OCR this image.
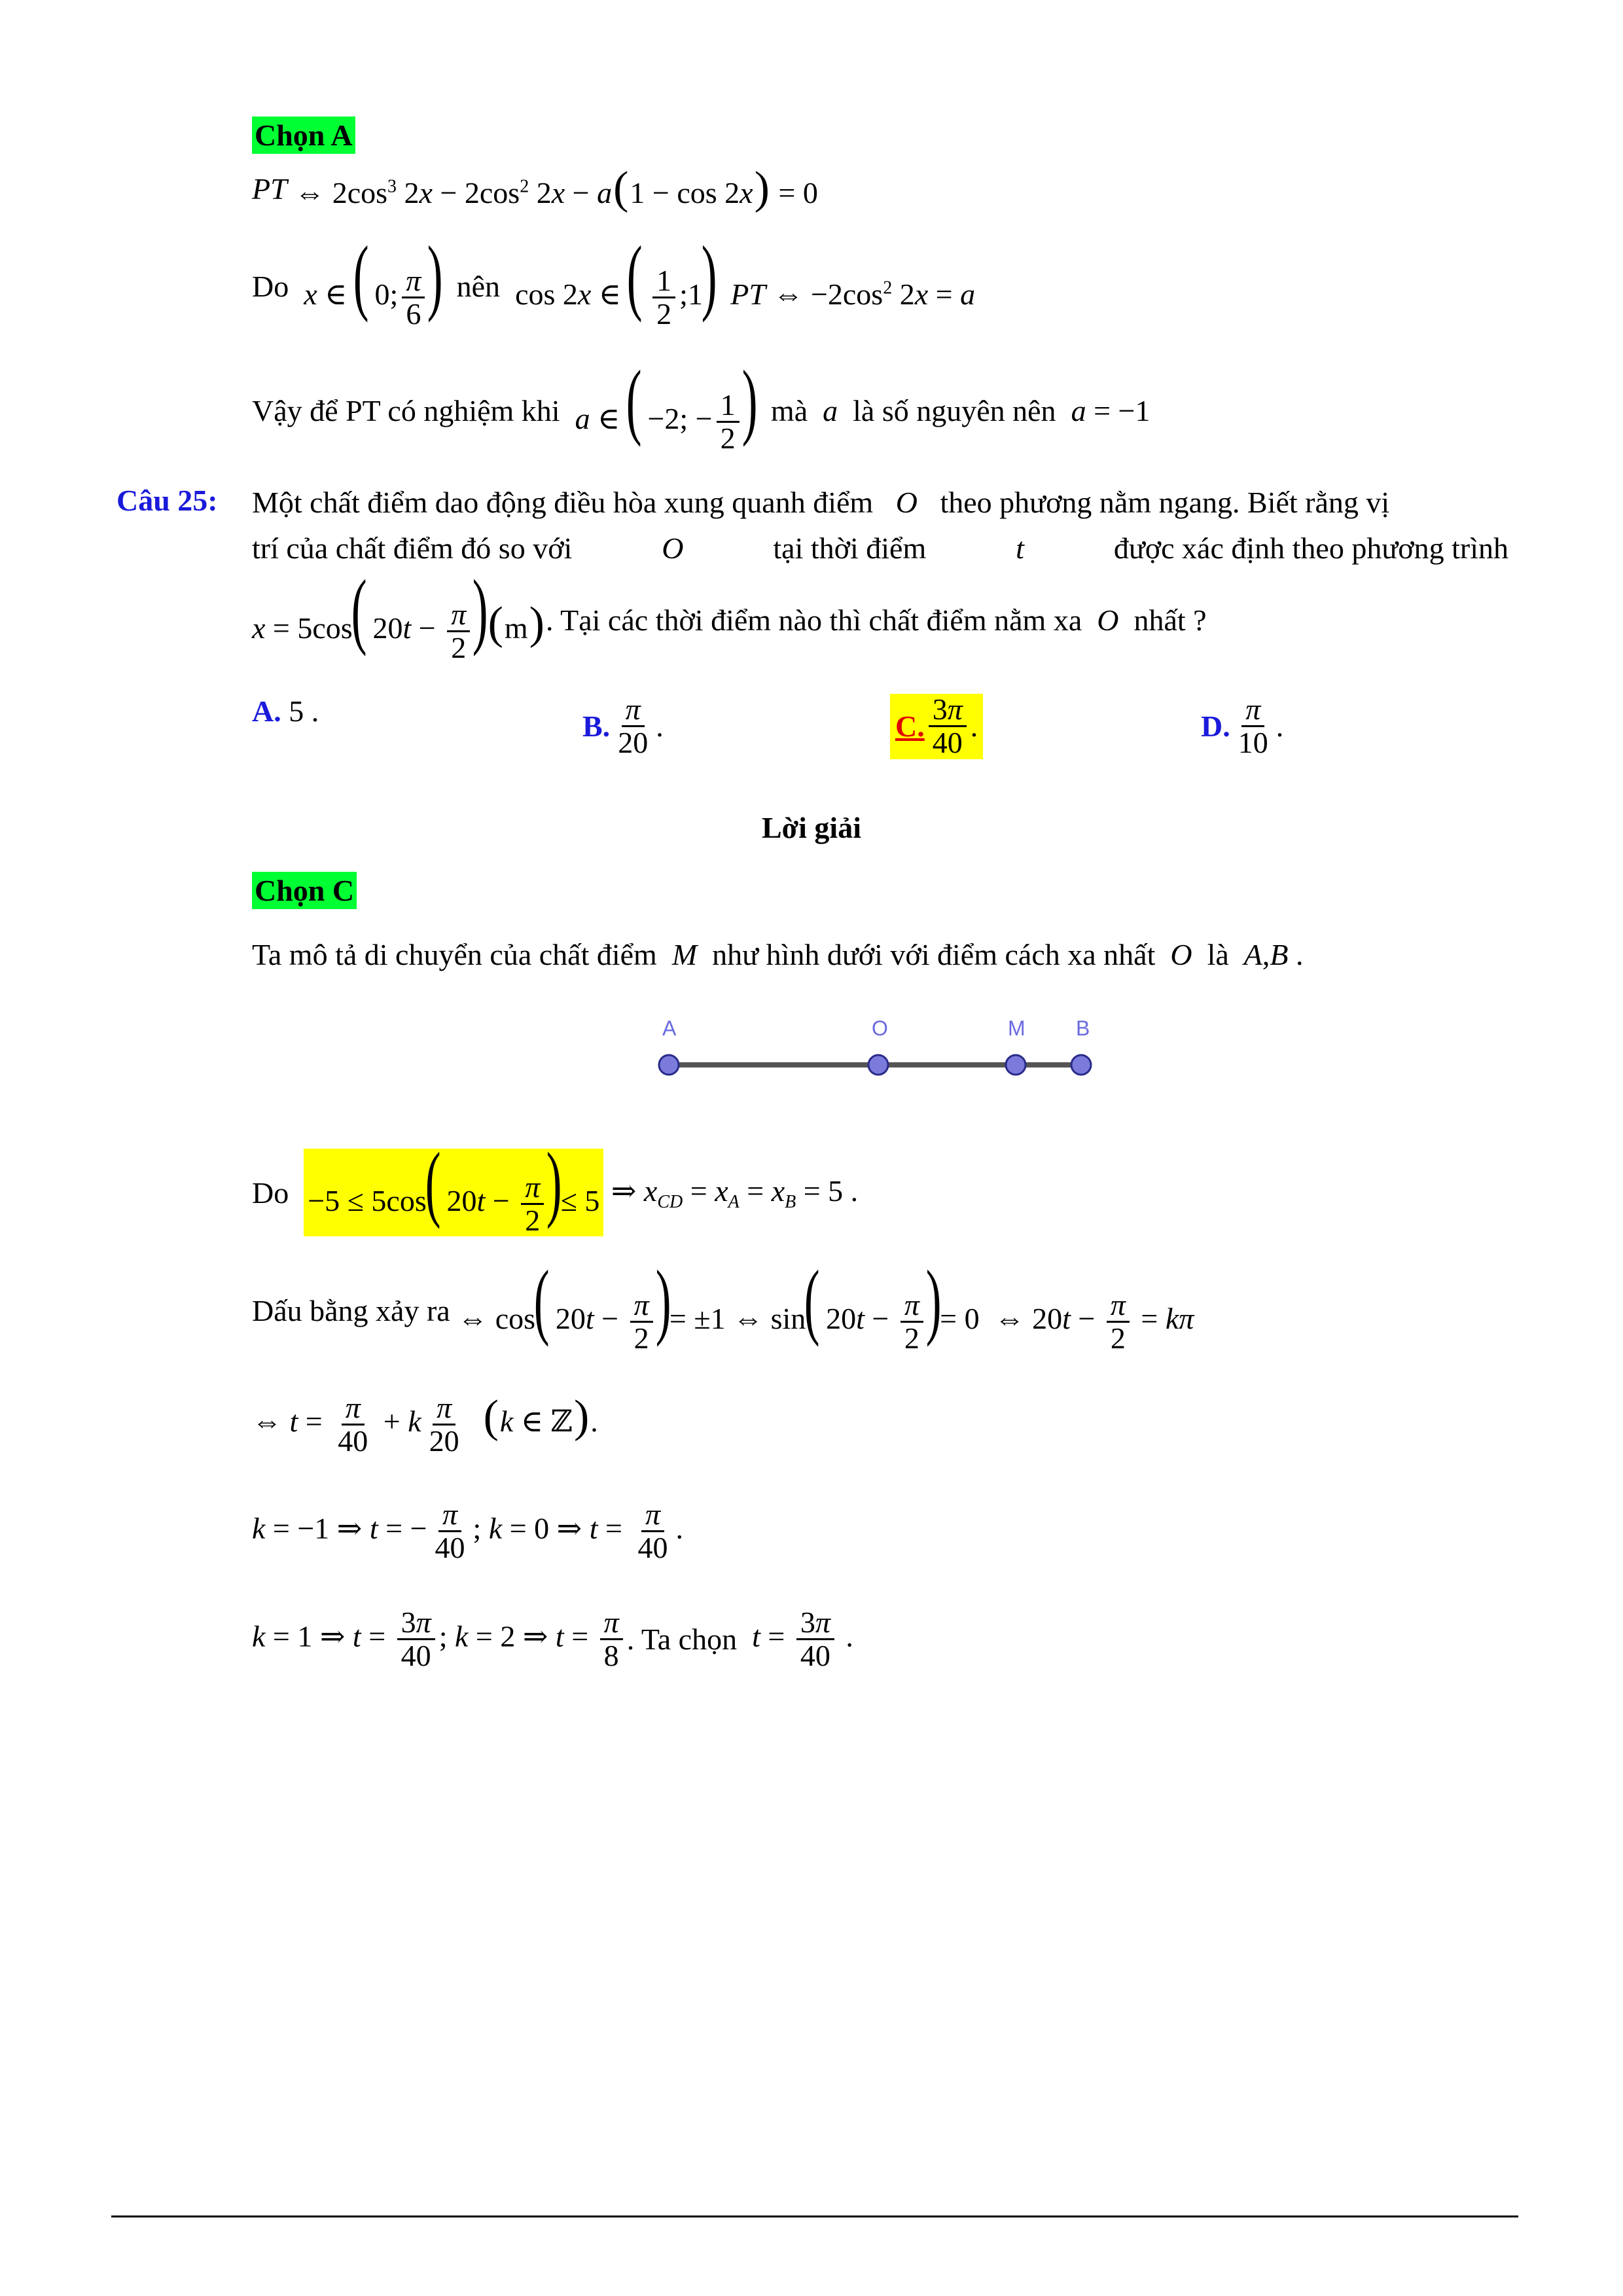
Chọn A
PT ⇔ $2\cos^3$ $2x - 2\cos^2$ 2x − a(1 − cos 2x) = 0
Do x ∈ ( 0; $\frac{\pi}{6}$ ) nên cos 2x ∈ ( $\frac{1}{2}$ ;1) PT ⇔ $-2\cos^2$ 2x = a
Vậy để PT có nghiệm khi a ∈ ( −2; − $\frac{1}{2}$ ) mà a là số nguyên nên a = −1
Câu 25: Một chất điểm dao động điều hòa xung quanh điểm   O   theo phương nằm ngang. Biết rằng vị
trí của chất điểm đó so với	O	tại thời điểm	t	được xác định theo phương trình
x = 5cos( $20t - \frac{\pi}{2} )(m)$ . Tại các thời điểm nào thì chất điểm nằm xa O nhất ?
A.
5 .	B. $\frac{\pi}{20}$ .	C. $\frac{3\pi}{40}$ .	D. $\frac{\pi}{10}$ .
Lời giải
Chọn C
Ta mô tả di chuyển của chất điểm M như hình dưới với điểm cách xa nhất O là A , B .
A	O	M B
Do
−5 ≤ 5cos( $20t - \frac{\pi}{2}$ )≤ 5 ⇒ $x_{CD} = x_A = x_B = 5$ .
Dấu bằng xảy ra ⇔ cos( $20t - \frac{\pi}{2}$ )= ±1 ⇔ sin( $20t - \frac{\pi}{2}$ )= 0  ⇔ $20t - \frac{\pi}{2} = k\pi$
⇔ $t = \frac{\pi}{40} + k \frac{\pi}{20} (k$ ∈ ℤ).
k = −1 ⇒ t = − $\frac{\pi}{40}$ ; k = 0 ⇒ $t = \frac{\pi}{40}$ .
k = 1 ⇒ $t = \frac{3\pi}{40}$ ; k = 2 ⇒ $t = \frac{\pi}{8}$ . Ta chọn $t = \frac{3\pi}{40}$ .
